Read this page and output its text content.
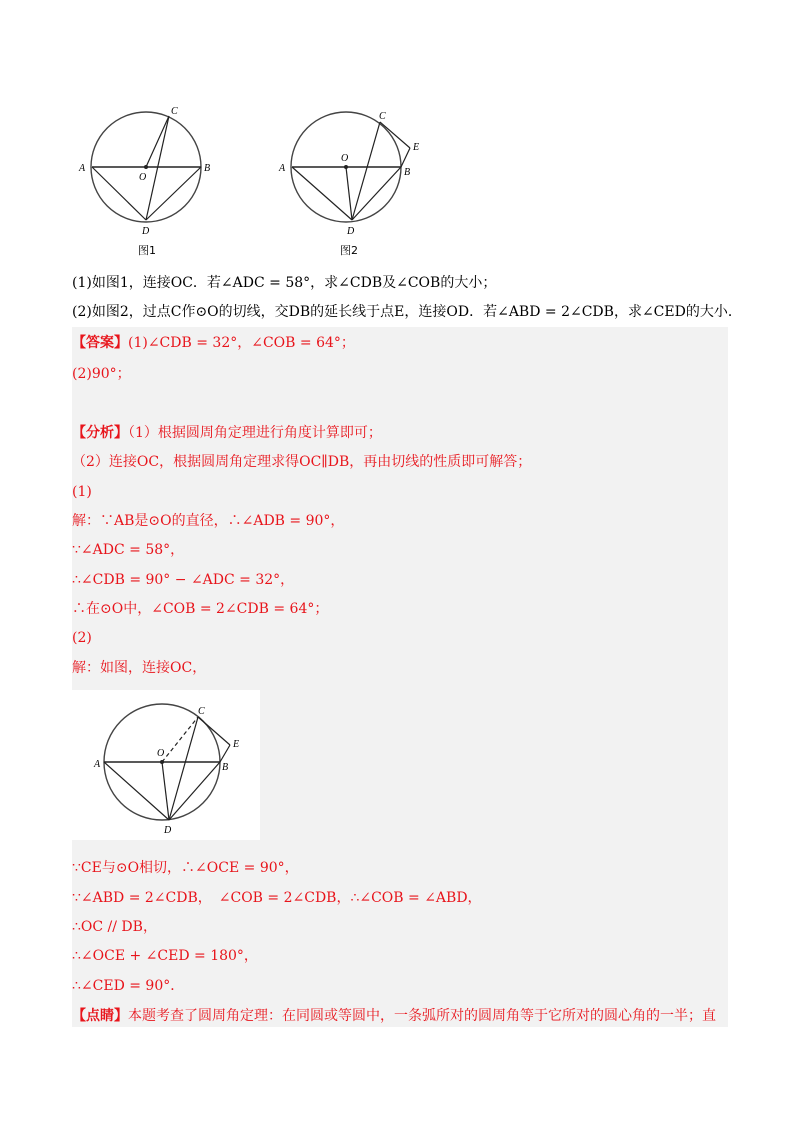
C
A	B
O
D
图1
C
E
A	B
O
D
图2
(1)如图1，连接OC．若∠ADC = 58°，求∠CDB及∠COB的大小；
(2)如图2，过点C作⊙O的切线，交DB的延长线于点E，连接OD．若∠ABD = 2∠CDB，求∠CED的大小．
【答案】(1)∠CDB = 32°，∠COB = 64°；
(2)90°；
【分析】（1）根据圆周角定理进行角度计算即可；
（2）连接OC，根据圆周角定理求得OC∥DB，再由切线的性质即可解答；
(1)
解：∵AB是⊙O的直径，∴∠ADB = 90°，
∵∠ADC = 58°，
∴∠CDB = 90° − ∠ADC = 32°，
∴在⊙O中，∠COB = 2∠CDB = 64°；
(2)
解：如图，连接OC，
C
E
A	B
O
D
∵CE与⊙O相切，∴∠OCE = 90°，
∵∠ABD = 2∠CDB，　∠COB = 2∠CDB，∴∠COB = ∠ABD，
∴OC // DB，
∴∠OCE + ∠CED = 180°，
∴∠CED = 90°．
【点睛】本题考查了圆周角定理：在同圆或等圆中，一条弧所对的圆周角等于它所对的圆心角的一半；直
